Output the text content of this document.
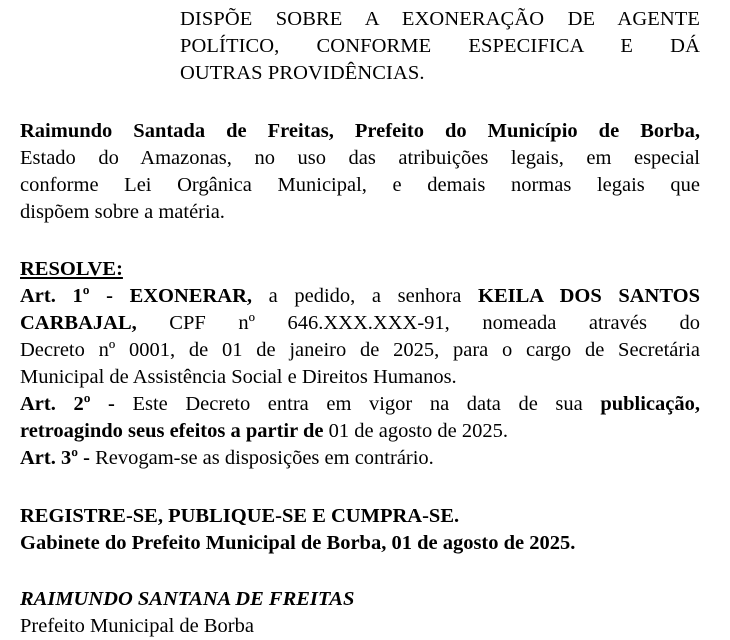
DISPÕE SOBRE A EXONERAÇÃO DE AGENTE
POLÍTICO, CONFORME ESPECIFICA E DÁ
OUTRAS PROVIDÊNCIAS.
Raimundo Santada de Freitas, Prefeito do Município de Borba,
Estado do Amazonas, no uso das atribuições legais, em especial
conforme Lei Orgânica Municipal, e demais normas legais que
dispõem sobre a matéria.
RESOLVE:
Art. 1º - EXONERAR, a pedido, a senhora KEILA DOS SANTOS
CARBAJAL, CPF nº 646.XXX.XXX-91, nomeada através do
Decreto nº 0001, de 01 de janeiro de 2025, para o cargo de Secretária
Municipal de Assistência Social e Direitos Humanos.
Art. 2º - Este Decreto entra em vigor na data de sua publicação,
retroagindo seus efeitos a partir de 01 de agosto de 2025.
Art. 3º - Revogam-se as disposições em contrário.
REGISTRE-SE, PUBLIQUE-SE E CUMPRA-SE.
Gabinete do Prefeito Municipal de Borba, 01 de agosto de 2025.
RAIMUNDO SANTANA DE FREITAS
Prefeito Municipal de Borba
